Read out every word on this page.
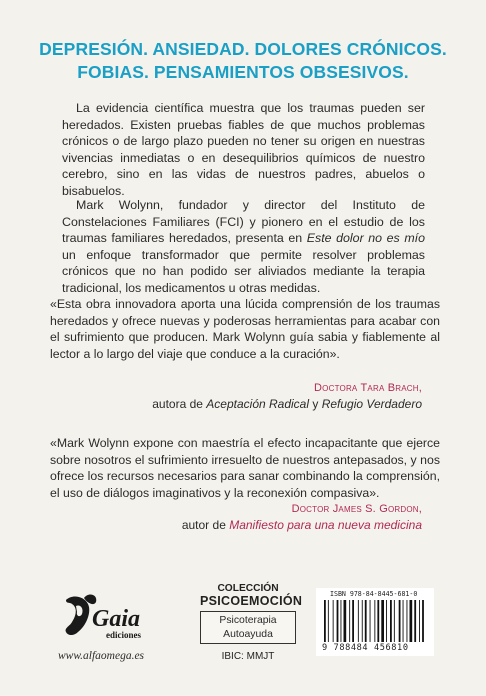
DEPRESIÓN. ANSIEDAD. DOLORES CRÓNICOS.
FOBIAS. PENSAMIENTOS OBSESIVOS.

La evidencia científica muestra que los traumas pueden ser heredados. Existen pruebas fiables de que muchos problemas crónicos o de largo plazo pueden no tener su origen en nuestras vivencias inmediatas o en desequilibrios químicos de nuestro cerebro, sino en las vidas de nuestros padres, abuelos o bisabuelos.

Mark Wolynn, fundador y director del Instituto de Constelaciones Familiares (FCI) y pionero en el estudio de los traumas familiares heredados, presenta en Este dolor no es mío un enfoque transformador que permite resolver problemas crónicos que no han podido ser aliviados mediante la terapia tradicional, los medicamentos u otras medidas.

«Esta obra innovadora aporta una lúcida comprensión de los traumas heredados y ofrece nuevas y poderosas herramientas para acabar con el sufrimiento que producen. Mark Wolynn guía sabia y fiablemente al lector a lo largo del viaje que conduce a la curación».

Doctora Tara Brach,
autora de Aceptación Radical y Refugio Verdadero

«Mark Wolynn expone con maestría el efecto incapacitante que ejerce sobre nosotros el sufrimiento irresuelto de nuestros antepasados, y nos ofrece los recursos necesarios para sanar combinando la comprensión, el uso de diálogos imaginativos y la reconexión compasiva».

Doctor James S. Gordon,
autor de Manifiesto para una nueva medicina
Gaia
ediciones
www.alfaomega.es
COLECCIÓN
PSICOEMOCIÓN
Psicoterapia
Autoayuda
IBIC: MMJT
ISBN 978-84-8445-681-0
9 788484 456810
